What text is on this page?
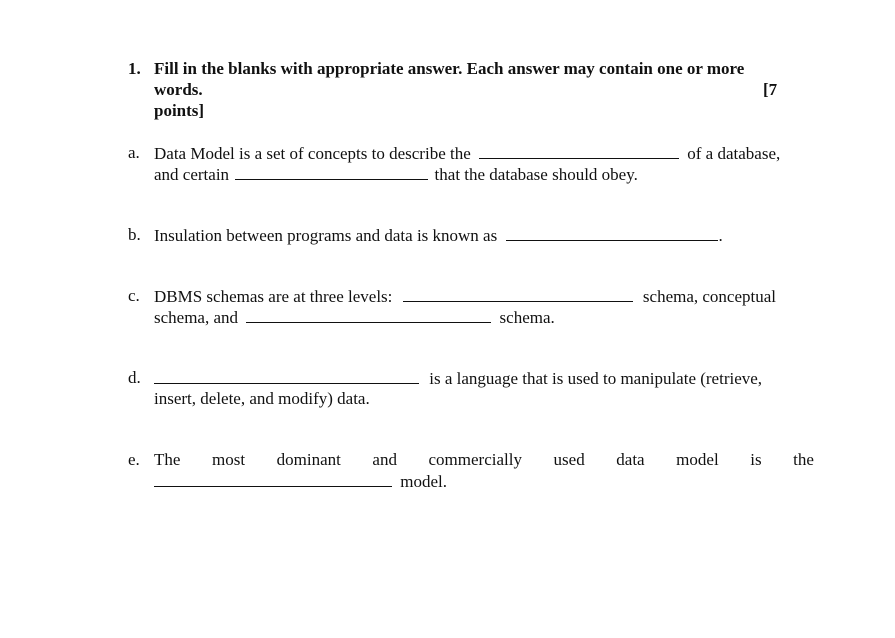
1. Fill in the blanks with appropriate answer. Each answer may contain one or more
words.	[7
points]
a. Data Model is a set of concepts to describe the	of a database,
and certain	that the database should obey.
b. Insulation between programs and data is known as	.
c. DBMS schemas are at three levels:	schema, conceptual
schema, and	schema.
d.	is a language that is used to manipulate (retrieve,
insert, delete, and modify) data.
e. The most dominant and commercially used data model is the
model.
